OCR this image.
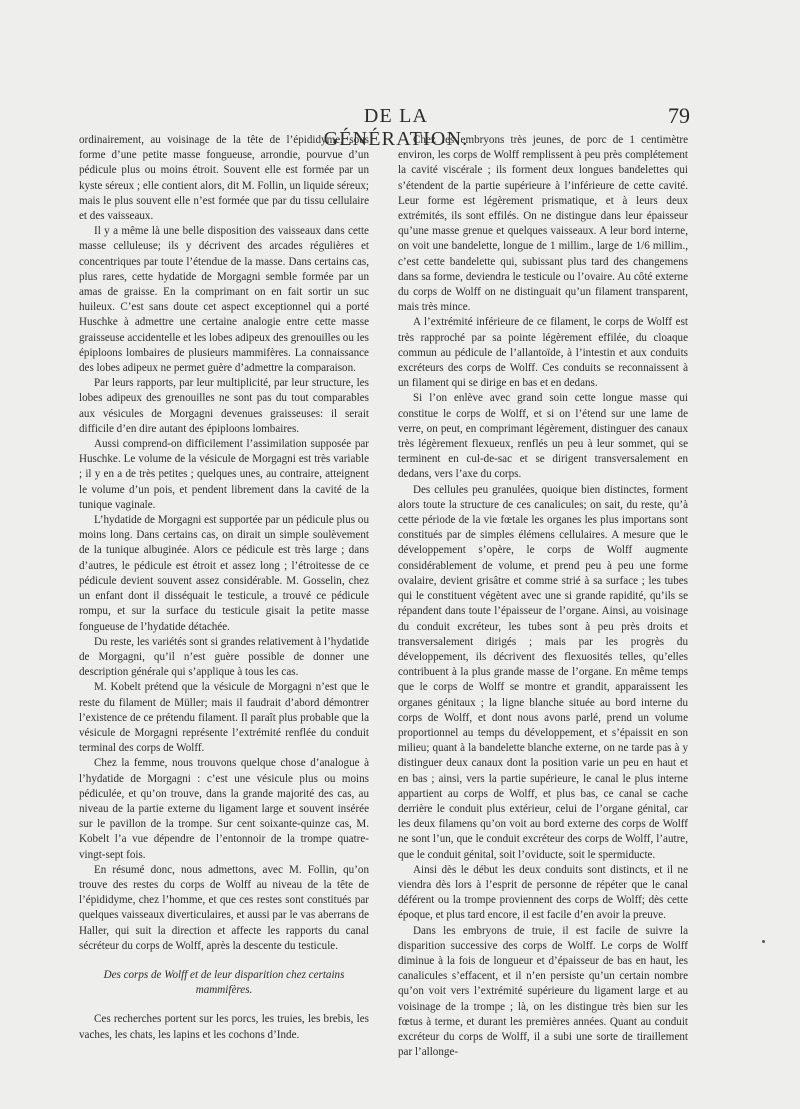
DE LA GÉNÉRATION.
79

ordinairement, au voisinage de la tête de l’épididyme, sous forme d’une petite masse fongueuse, arrondie, pourvue d’un pédicule plus ou moins étroit. Souvent elle est formée par un kyste séreux ; elle contient alors, dit M. Follin, un liquide séreux; mais le plus souvent elle n’est formée que par du tissu cellulaire et des vaisseaux.

Il y a même là une belle disposition des vaisseaux dans cette masse celluleuse; ils y décrivent des arcades régulières et concentriques par toute l’étendue de la masse. Dans certains cas, plus rares, cette hydatide de Morgagni semble formée par un amas de graisse. En la comprimant on en fait sortir un suc huileux. C’est sans doute cet aspect exceptionnel qui a porté Huschke à admettre une certaine analogie entre cette masse graisseuse accidentelle et les lobes adipeux des grenouilles ou les épiploons lombaires de plusieurs mammifères. La connaissance des lobes adipeux ne permet guère d’admettre la comparaison.

Par leurs rapports, par leur multiplicité, par leur structure, les lobes adipeux des grenouilles ne sont pas du tout comparables aux vésicules de Morgagni devenues graisseuses: il serait difficile d’en dire autant des épiploons lombaires.

Aussi comprend-on difficilement l’assimilation supposée par Huschke. Le volume de la vésicule de Morgagni est très variable ; il y en a de très petites ; quelques unes, au contraire, atteignent le volume d’un pois, et pendent librement dans la cavité de la tunique vaginale.

L’hydatide de Morgagni est supportée par un pédicule plus ou moins long. Dans certains cas, on dirait un simple soulèvement de la tunique albuginée. Alors ce pédicule est très large ; dans d’autres, le pédicule est étroit et assez long ; l’étroitesse de ce pédicule devient souvent assez considérable. M. Gosselin, chez un enfant dont il disséquait le testicule, a trouvé ce pédicule rompu, et sur la surface du testicule gisait la petite masse fongueuse de l’hydatide détachée.

Du reste, les variétés sont si grandes relativement à l’hydatide de Morgagni, qu’il n’est guère possible de donner une description générale qui s’applique à tous les cas.

M. Kobelt prétend que la vésicule de Morgagni n’est que le reste du filament de Müller; mais il faudrait d’abord démontrer l’existence de ce prétendu filament. Il paraît plus probable que la vésicule de Morgagni représente l’extrémité renflée du conduit terminal des corps de Wolff.

Chez la femme, nous trouvons quelque chose d’analogue à l’hydatide de Morgagni : c’est une vésicule plus ou moins pédiculée, et qu’on trouve, dans la grande majorité des cas, au niveau de la partie externe du ligament large et souvent insérée sur le pavillon de la trompe. Sur cent soixante-quinze cas, M. Kobelt l’a vue dépendre de l’entonnoir de la trompe quatre-vingt-sept fois.

En résumé donc, nous admettons, avec M. Follin, qu’on trouve des restes du corps de Wolff au niveau de la tête de l’épididyme, chez l’homme, et que ces restes sont constitués par quelques vaisseaux diverticulaires, et aussi par le vas aberrans de Haller, qui suit la direction et affecte les rapports du canal sécréteur du corps de Wolff, après la descente du testicule.

Des corps de Wolff et de leur disparition chez certains mammifères.

Ces recherches portent sur les porcs, les truies, les brebis, les vaches, les chats, les lapins et les cochons d’Inde.

Chez les embryons très jeunes, de porc de 1 centimètre environ, les corps de Wolff remplissent à peu près complétement la cavité viscérale ; ils forment deux longues bandelettes qui s’étendent de la partie supérieure à l’inférieure de cette cavité. Leur forme est légèrement prismatique, et à leurs deux extrémités, ils sont effilés. On ne distingue dans leur épaisseur qu’une masse grenue et quelques vaisseaux. A leur bord interne, on voit une bandelette, longue de 1 millim., large de 1/6 millim., c’est cette bandelette qui, subissant plus tard des changemens dans sa forme, deviendra le testicule ou l’ovaire. Au côté externe du corps de Wolff on ne distinguait qu’un filament transparent, mais très mince.

A l’extrémité inférieure de ce filament, le corps de Wolff est très rapproché par sa pointe légèrement effilée, du cloaque commun au pédicule de l’allantoïde, à l’intestin et aux conduits excréteurs des corps de Wolff. Ces conduits se reconnaissent à un filament qui se dirige en bas et en dedans.

Si l’on enlève avec grand soin cette longue masse qui constitue le corps de Wolff, et si on l’étend sur une lame de verre, on peut, en comprimant légèrement, distinguer des canaux très légèrement flexueux, renflés un peu à leur sommet, qui se terminent en cul-de-sac et se dirigent transversalement en dedans, vers l’axe du corps.

Des cellules peu granulées, quoique bien distinctes, forment alors toute la structure de ces canalicules; on sait, du reste, qu’à cette période de la vie fœtale les organes les plus importans sont constitués par de simples élémens cellulaires. A mesure que le développement s’opère, le corps de Wolff augmente considérablement de volume, et prend peu à peu une forme ovalaire, devient grisâtre et comme strié à sa surface ; les tubes qui le constituent végètent avec une si grande rapidité, qu’ils se répandent dans toute l’épaisseur de l’organe. Ainsi, au voisinage du conduit excréteur, les tubes sont à peu près droits et transversalement dirigés ; mais par les progrès du développement, ils décrivent des flexuosités telles, qu’elles contribuent à la plus grande masse de l’organe. En même temps que le corps de Wolff se montre et grandit, apparaissent les organes génitaux ; la ligne blanche située au bord interne du corps de Wolff, et dont nous avons parlé, prend un volume proportionnel au temps du développement, et s’épaissit en son milieu; quant à la bandelette blanche externe, on ne tarde pas à y distinguer deux canaux dont la position varie un peu en haut et en bas ; ainsi, vers la partie supérieure, le canal le plus interne appartient au corps de Wolff, et plus bas, ce canal se cache derrière le conduit plus extérieur, celui de l’organe génital, car les deux filamens qu’on voit au bord externe des corps de Wolff ne sont l’un, que le conduit excréteur des corps de Wolff, l’autre, que le conduit génital, soit l’oviducte, soit le spermiducte.

Ainsi dès le début les deux conduits sont distincts, et il ne viendra dès lors à l’esprit de personne de répéter que le canal déférent ou la trompe proviennent des corps de Wolff; dès cette époque, et plus tard encore, il est facile d’en avoir la preuve.

Dans les embryons de truie, il est facile de suivre la disparition successive des corps de Wolff. Le corps de Wolff diminue à la fois de longueur et d’épaisseur de bas en haut, les canalicules s’effacent, et il n’en persiste qu’un certain nombre qu’on voit vers l’extrémité supérieure du ligament large et au voisinage de la trompe ; là, on les distingue très bien sur les fœtus à terme, et durant les premières années. Quant au conduit excréteur du corps de Wolff, il a subi une sorte de tiraillement par l’allonge-
